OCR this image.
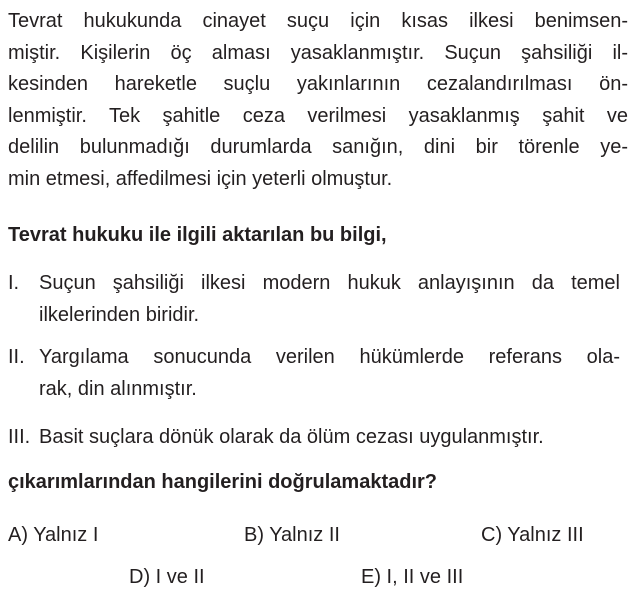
Tevrat hukukunda cinayet suçu için kısas ilkesi benimsen-
miştir. Kişilerin öç alması yasaklanmıştır. Suçun şahsiliği il-
kesinden hareketle suçlu yakınlarının cezalandırılması ön-
lenmiştir. Tek şahitle ceza verilmesi yasaklanmış şahit ve
delilin bulunmadığı durumlarda sanığın, dini bir törenle ye-
min etmesi, affedilmesi için yeterli olmuştur.
Tevrat hukuku ile ilgili aktarılan bu bilgi,
I. Suçun şahsiliği ilkesi modern hukuk anlayışının da temel
ilkelerinden biridir.
II. Yargılama sonucunda verilen hükümlerde referans ola-
rak, din alınmıştır.
III. Basit suçlara dönük olarak da ölüm cezası uygulanmıştır.
çıkarımlarından hangilerini doğrulamaktadır?
A) Yalnız I	B) Yalnız II	C) Yalnız III
D) I ve II	E) I, II ve III
